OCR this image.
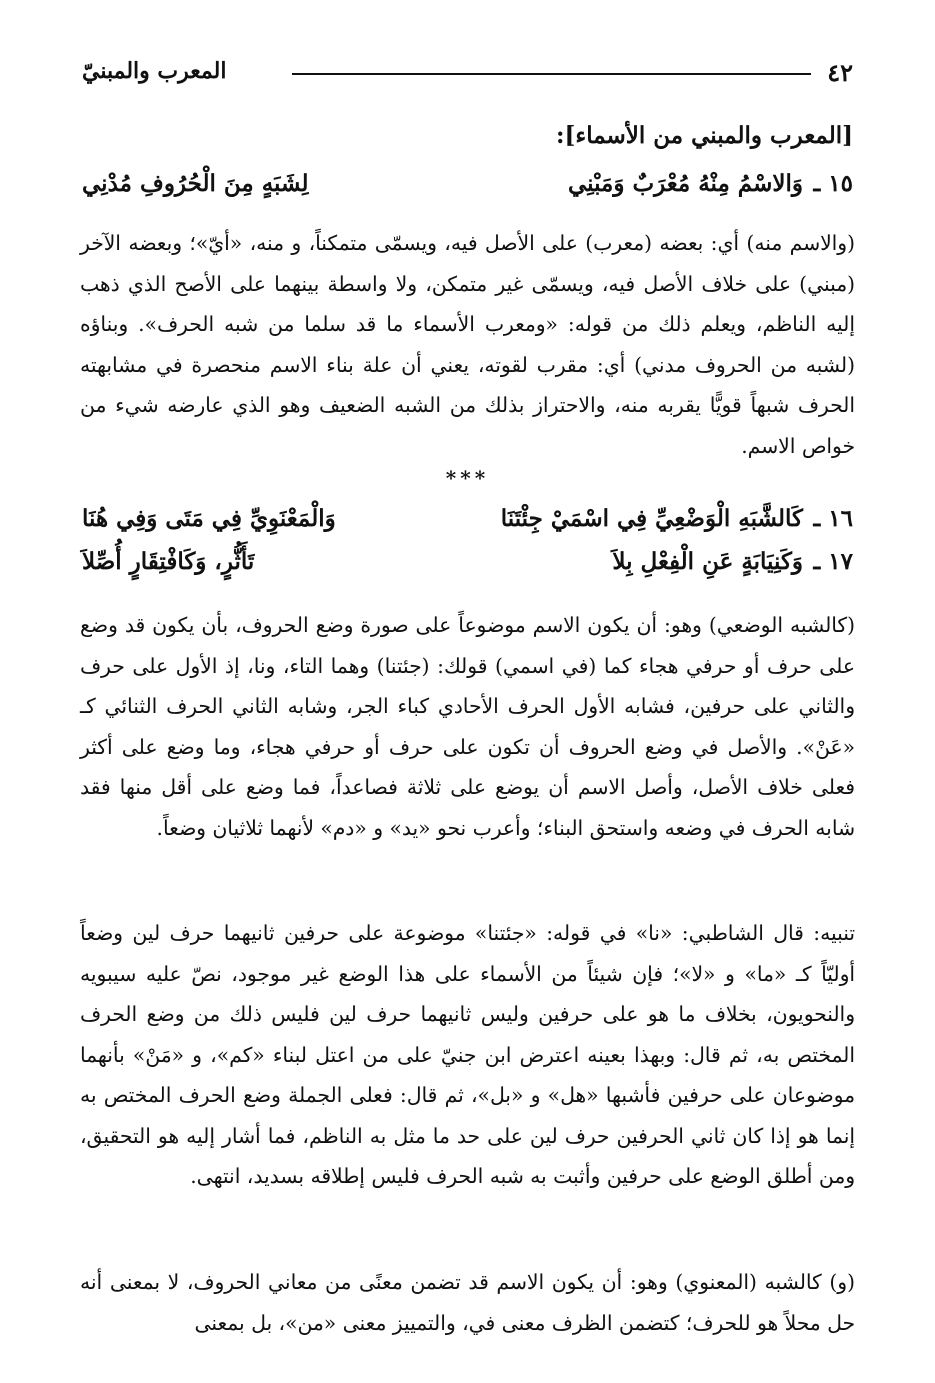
٤٢
المعرب والمبنيّ
[المعرب والمبني من الأسماء]:
١٥ ـ
وَالاسْمُ مِنْهُ مُعْرَبٌ وَمَبْنِي
لِشَبَهٍ مِنَ الْحُرُوفِ مُدْنِي
(والاسم منه) أي: بعضه (معرب) على الأصل فيه، ويسمّى متمكناً، و منه، «أيّ»؛ وبعضه الآخر (مبني) على خلاف الأصل فيه، ويسمّى غير متمكن، ولا واسطة بينهما على الأصح الذي ذهب إليه الناظم، ويعلم ذلك من قوله: «ومعرب الأسماء ما قد سلما من شبه الحرف». وبناؤه (لشبه من الحروف مدني) أي: مقرب لقوته، يعني أن علة بناء الاسم منحصرة في مشابهته الحرف شبهاً قويًّا يقربه منه، والاحتراز بذلك من الشبه الضعيف وهو الذي عارضه شيء من خواص الاسم.
***
١٦ ـ
كَالشَّبَهِ الْوَضْعِيِّ فِي اسْمَيْ جِئْتَنَا
وَالْمَعْنَوِيِّ فِي مَتَى وَفِي هُنَا
١٧ ـ
وَكَنِيَابَةٍ عَنِ الْفِعْلِ بِلاَ
تَأَثُّرٍ، وَكَافْتِقَارٍ أُصِّلاَ
(كالشبه الوضعي) وهو: أن يكون الاسم موضوعاً على صورة وضع الحروف، بأن يكون قد وضع على حرف أو حرفي هجاء كما (في اسمي) قولك: (جئتنا) وهما التاء، ونا، إذ الأول على حرف والثاني على حرفين، فشابه الأول الحرف الأحادي كباء الجر، وشابه الثاني الحرف الثنائي كـ «عَنْ». والأصل في وضع الحروف أن تكون على حرف أو حرفي هجاء، وما وضع على أكثر فعلى خلاف الأصل، وأصل الاسم أن يوضع على ثلاثة فصاعداً، فما وضع على أقل منها فقد شابه الحرف في وضعه واستحق البناء؛ وأعرب نحو «يد» و «دم» لأنهما ثلاثيان وضعاً.
تنبيه: قال الشاطبي: «نا» في قوله: «جئتنا» موضوعة على حرفين ثانيهما حرف لين وضعاً أوليّاً كـ «ما» و «لا»؛ فإن شيئاً من الأسماء على هذا الوضع غير موجود، نصّ عليه سيبويه والنحويون، بخلاف ما هو على حرفين وليس ثانيهما حرف لين فليس ذلك من وضع الحرف المختص به، ثم قال: وبهذا بعينه اعترض ابن جنيّ على من اعتل لبناء «كم»، و «مَنْ» بأنهما موضوعان على حرفين فأشبها «هل» و «بل»، ثم قال: فعلى الجملة وضع الحرف المختص به إنما هو إذا كان ثاني الحرفين حرف لين على حد ما مثل به الناظم، فما أشار إليه هو التحقيق، ومن أطلق الوضع على حرفين وأثبت به شبه الحرف فليس إطلاقه بسديد، انتهى.
(و) كالشبه (المعنوي) وهو: أن يكون الاسم قد تضمن معنًى من معاني الحروف، لا بمعنى أنه حل محلاً هو للحرف؛ كتضمن الظرف معنى في، والتمييز معنى «من»، بل بمعنى
